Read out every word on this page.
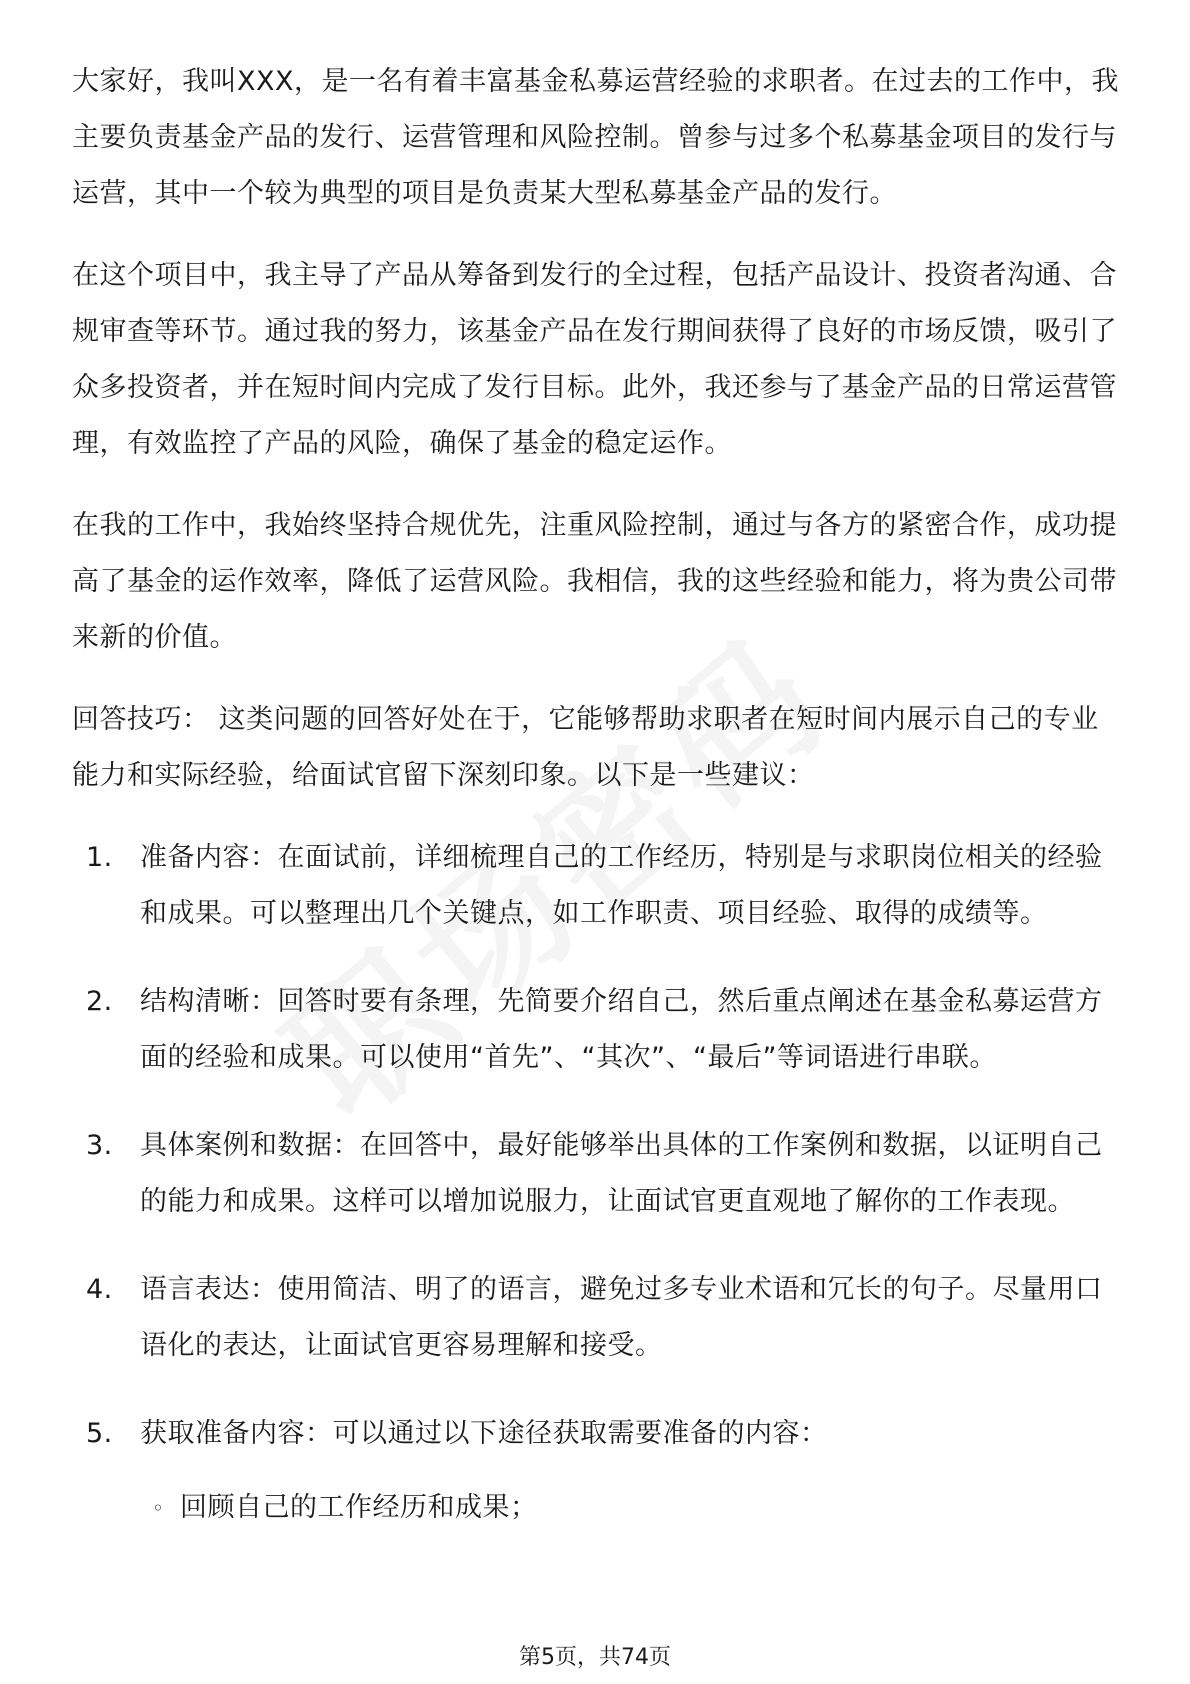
大家好，我叫XXX，是一名有着丰富基金私募运营经验的求职者。在过去的工作中，我主要负责基金产品的发行、运营管理和风险控制。曾参与过多个私募基金项目的发行与运营，其中一个较为典型的项目是负责某大型私募基金产品的发行。

在这个项目中，我主导了产品从筹备到发行的全过程，包括产品设计、投资者沟通、合规审查等环节。通过我的努力，该基金产品在发行期间获得了良好的市场反馈，吸引了众多投资者，并在短时间内完成了发行目标。此外，我还参与了基金产品的日常运营管理，有效监控了产品的风险，确保了基金的稳定运作。

在我的工作中，我始终坚持合规优先，注重风险控制，通过与各方的紧密合作，成功提高了基金的运作效率，降低了运营风险。我相信，我的这些经验和能力，将为贵公司带来新的价值。

回答技巧： 这类问题的回答好处在于，它能够帮助求职者在短时间内展示自己的专业能力和实际经验，给面试官留下深刻印象。以下是一些建议：

1.	准备内容：在面试前，详细梳理自己的工作经历，特别是与求职岗位相关的经验和成果。可以整理出几个关键点，如工作职责、项目经验、取得的成绩等。
2.	结构清晰：回答时要有条理，先简要介绍自己，然后重点阐述在基金私募运营方面的经验和成果。可以使用“首先”、“其次”、“最后”等词语进行串联。
3.	具体案例和数据：在回答中，最好能够举出具体的工作案例和数据，以证明自己的能力和成果。这样可以增加说服力，让面试官更直观地了解你的工作表现。
4.	语言表达：使用简洁、明了的语言，避免过多专业术语和冗长的句子。尽量用口语化的表达，让面试官更容易理解和接受。
5.	获取准备内容：可以通过以下途径获取需要准备的内容：
◦ 回顾自己的工作经历和成果；
第5页，共74页
